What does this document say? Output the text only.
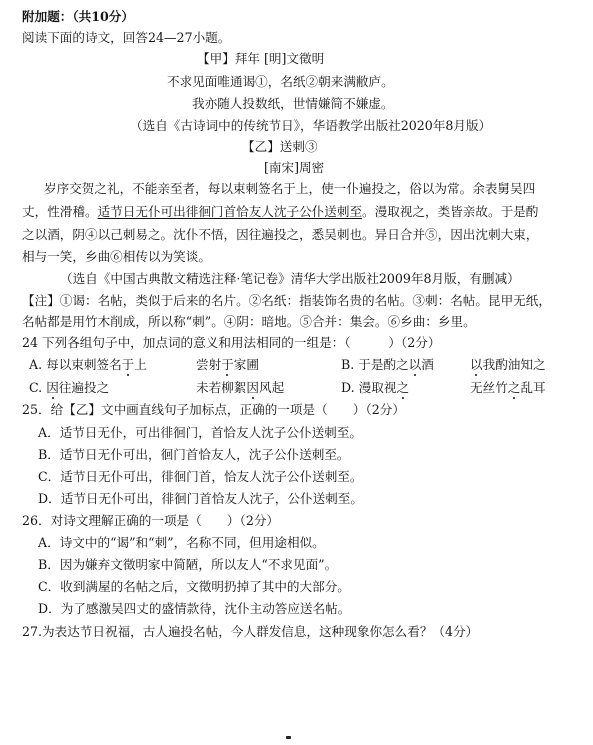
附加题：（共10分）
阅读下面的诗文，回答24—27小题。
【甲】拜年 [明]文徵明
不求见面唯通谒①，名纸②朝来满敝庐。
我亦随人投数纸，世情嫌简不嫌虚。
（选自《古诗词中的传统节日》，华语教学出版社2020年8月版）
【乙】送刺③
[南宋]周密
岁序交贺之礼，不能亲至者，每以束刺签名于上，使一仆遍投之，俗以为常。余表舅吴四
丈，性滑稽。适节日无仆可出徘徊门首恰友人沈子公仆送刺至。漫取视之，类皆亲故。于是酌
之以酒，阴④以己刺易之。沈仆不悟，因往遍投之，悉吴刺也。异日合并⑤，因出沈刺大束，
相与一笑，乡曲⑥相传以为笑谈。
（选自《中国古典散文精选注释·笔记卷》清华大学出版社2009年8月版，有删减）
【注】①谒：名帖，类似于后来的名片。②名纸：指装饰名贵的名帖。③刺：名帖。昆甲无纸，
名帖都是用竹木削成，所以称“刺”。④阴：暗地。⑤合并：集会。⑥乡曲：乡里。
24 下列各组句子中，加点词的意义和用法相同的一组是：（　　　）（2分）
A. 每以束刺签名于上	尝射于家圃	B. 于是酌之以酒	以我酌油知之
C. 因往遍投之	未若柳絮因风起	D. 漫取视之	无丝竹之乱耳
25．给【乙】文中画直线句子加标点，正确的一项是（　　）（2分）
A．适节日无仆，可出徘徊门，首恰友人沈子公仆送刺至。
B．适节日无仆可出，徊门首恰友人，沈子公仆送刺至。
C．适节日无仆可出，徘徊门首，恰友人沈子公仆送刺至。
D．适节日无仆可出，徘徊门首恰友人沈子，公仆送刺至。
26．对诗文理解正确的一项是（　　）（2分）
A．诗文中的“谒”和“刺”，名称不同，但用途相似。
B．因为嫌弃文徵明家中简陋，所以友人“不求见面”。
C．收到满屋的名帖之后，文徵明扔掉了其中的大部分。
D．为了感激吴四丈的盛情款待，沈仆主动答应送名帖。
27.为表达节日祝福，古人遍投名帖，今人群发信息，这种现象你怎么看？（4分）
